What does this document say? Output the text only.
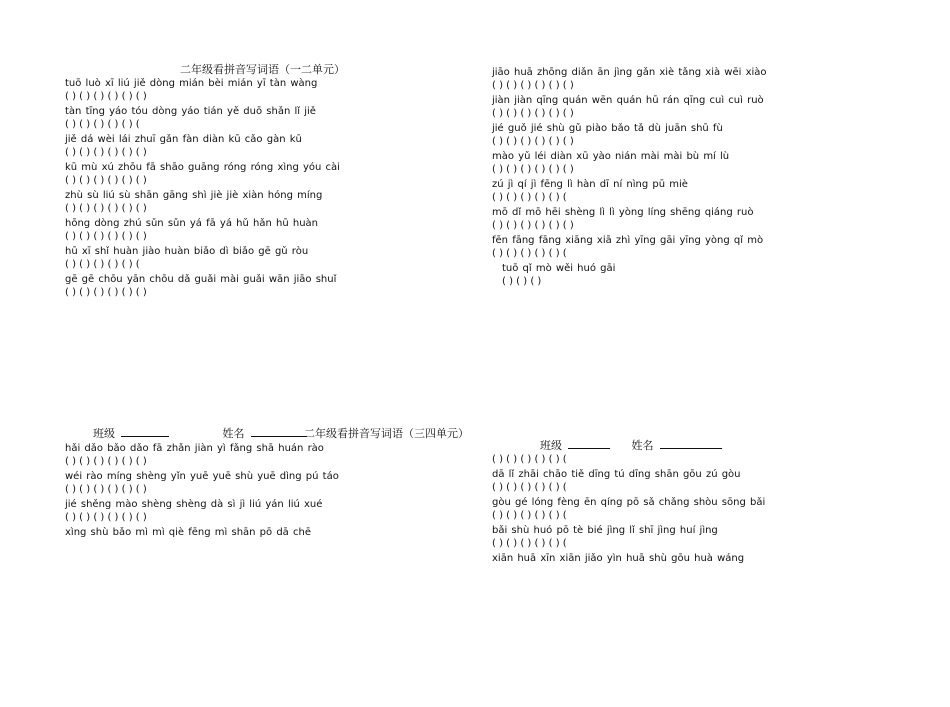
二年级看拼音写词语（一二单元）
tuō luò xī liú jiě dòng mián bèi mián yī tàn wàng
( ) ( ) ( ) ( ) ( ) ( )
tàn tīng yáo tóu dòng yáo tián yě duō shǎn lǐ jiě
( ) ( ) ( ) ( ) ( ) (
jiě dá wèi lái zhuī gǎn fàn diàn kū cǎo gàn kū
( ) ( ) ( ) ( ) ( ) ( )
kū mù xú zhōu fā shāo guāng róng róng xìng yóu cài
( ) ( ) ( ) ( ) ( ) ( )
zhù sù liú sù shān gāng shì jiè jiè xiàn hóng míng
( ) ( ) ( ) ( ) ( ) ( )
hōng dòng zhú sǔn sǔn yá fā yá hǔ hǎn hū huàn
( ) ( ) ( ) ( ) ( ) ( )
hū xī shǐ huàn jiào huàn biǎo dì biǎo gē gǔ ròu
( ) ( ) ( ) ( ) ( ) (
gē gē chōu yān chōu dǎ guǎi mài guǎi wān jiāo shuǐ
( ) ( ) ( ) ( ) ( ) ( )
jiāo huā zhōng diǎn ān jìng gǎn xiè tǎng xià wēi xiào
( ) ( ) ( ) ( ) ( ) ( )
jiàn jiàn qīng quán wēn quán hū rán qīng cuì cuì ruò
( ) ( ) ( ) ( ) ( ) ( )
jié guǒ jié shù gǔ piào bǎo tǎ dù juān shū fù
( ) ( ) ( ) ( ) ( ) ( )
mào yǔ léi diàn xū yào nián mài mài bù mí lù
( ) ( ) ( ) ( ) ( ) ( )
zú jì qí jì fēng lì hàn dī ní nìng pū miè
( ) ( ) ( ) ( ) ( ) (
mō dǐ mō hēi shèng lì lì yòng líng shēng qiáng ruò
( ) ( ) ( ) ( ) ( ) ( )
fēn fāng fāng xiāng xiā zhì yīng gāi yīng yòng qǐ mò
( ) ( ) ( ) ( ) ( ) (
tuō qǐ mò wěi huó gāi
( ) ( ) ( )
班级	姓名	二年级看拼音写词语（三四单元）
hǎi dǎo bǎo dǎo fā zhǎn jiàn yì fǎng shā huán rào
( ) ( ) ( ) ( ) ( ) ( )
wéi rào míng shèng yǐn yuē yuē shù yuē dìng pú táo
( ) ( ) ( ) ( ) ( ) ( )
jié shěng mào shèng shèng dà sì jì liú yán liú xué
( ) ( ) ( ) ( ) ( ) ( )
xìng shù bǎo mì mì qiè fēng mì shān pō dā chē
班级	姓名
( ) ( ) ( ) ( ) ( ) (
dā lǐ zhāi chāo tiě dīng tú dīng shān gōu zú gòu
( ) ( ) ( ) ( ) ( ) (
gòu gé lóng fèng ēn qíng pō sǎ chǎng shòu sōng bǎi
( ) ( ) ( ) ( ) ( ) (
bǎi shù huó pō tè bié jìng lǐ shī jìng huí jìng
( ) ( ) ( ) ( ) ( ) (
xiān huā xīn xiān jiǎo yìn huā shù gōu huà wáng
